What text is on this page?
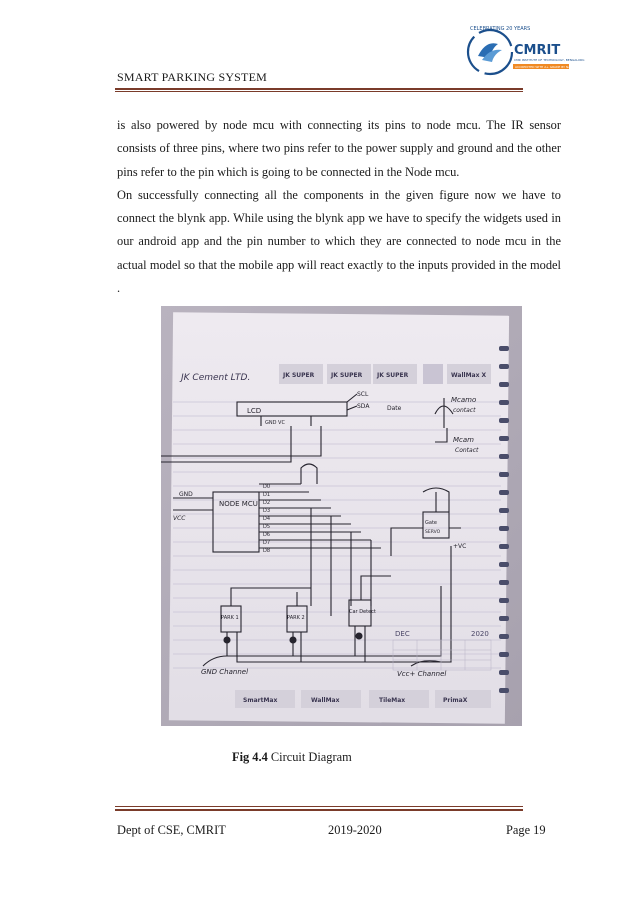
SMART PARKING SYSTEM
CELEBRATING 20 YEARS
CMRIT
CMR INSTITUTE OF TECHNOLOGY, BENGALURU.
ACCREDITED WITH A+ GRADE BY NAAC

is also powered by node mcu with connecting its pins to node mcu. The IR sensor consists of three pins, where two pins refer to the power supply and ground and the other pins refer to the pin which is going to be connected in the Node mcu.

On successfully connecting all the components in the given figure now we have to connect the blynk app. While using the blynk app we have to specify the widgets used in our android app and the pin number to which they are connected to node mcu in the actual model so that the mobile app will react exactly to the inputs provided in the model .

JK Cement LTD.	JK SUPER	JK SUPER JK SUPER	WallMax X
LCD
SCL
SDA
GND VC
Date
Mcamo
contact
Mcam
Contact
NODE MCU
GND
VCC
D0
D1
D2
D3
D4
D5
D6
D7
D8
Gate
SERVO
+VC
PARK 1	PARK 2
Car Detect
GND Channel	Vcc+ Channel
DEC	2020
SmartMax	WallMax	TileMax	PrimaX
Fig 4.4 Circuit Diagram
Dept of CSE, CMRIT	2019-2020	Page 19
